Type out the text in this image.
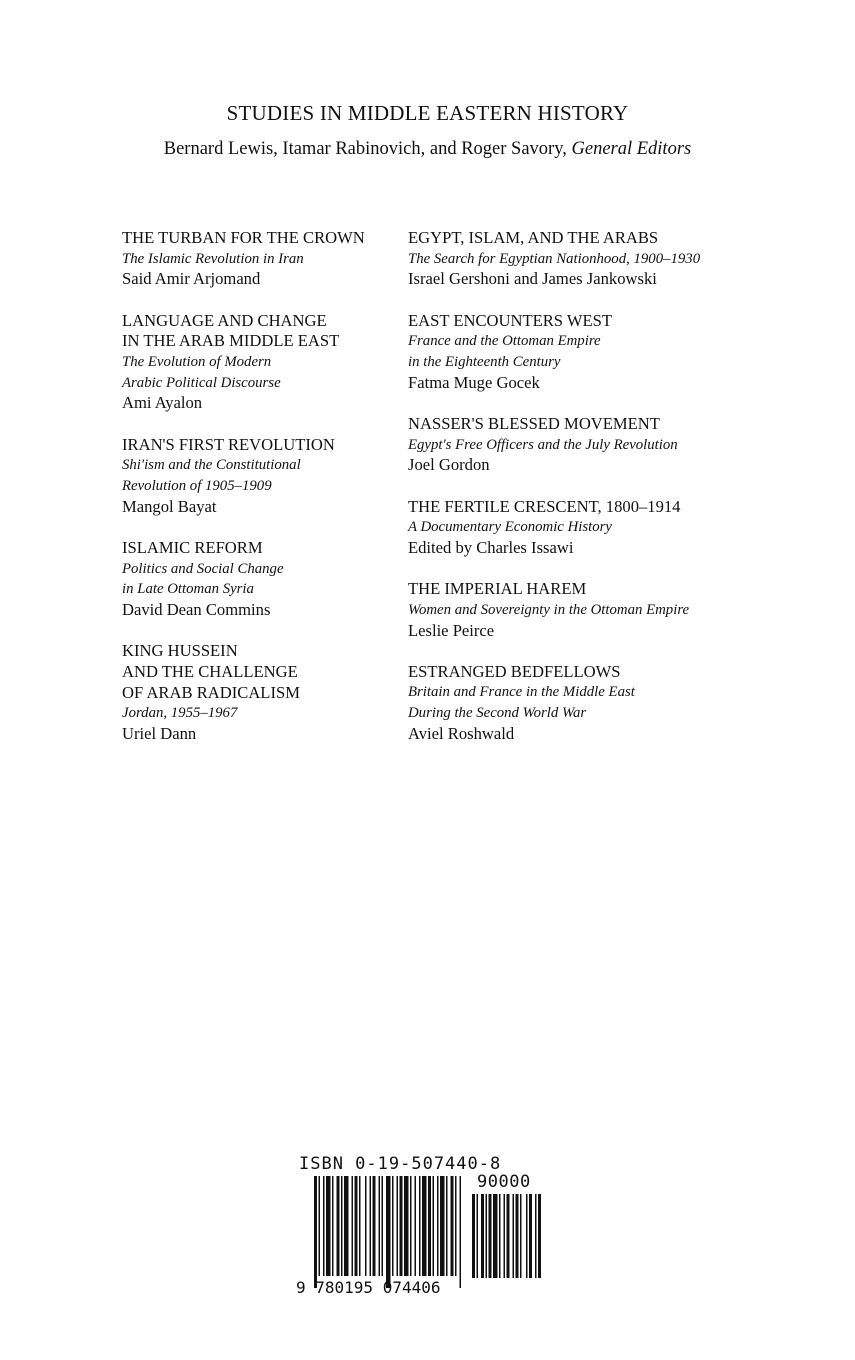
STUDIES IN MIDDLE EASTERN HISTORY
Bernard Lewis, Itamar Rabinovich, and Roger Savory, General Editors
THE TURBAN FOR THE CROWN
The Islamic Revolution in Iran
Said Amir Arjomand
LANGUAGE AND CHANGE
IN THE ARAB MIDDLE EAST
The Evolution of Modern
Arabic Political Discourse
Ami Ayalon
IRAN'S FIRST REVOLUTION
Shi'ism and the Constitutional
Revolution of 1905–1909
Mangol Bayat
ISLAMIC REFORM
Politics and Social Change
in Late Ottoman Syria
David Dean Commins
KING HUSSEIN
AND THE CHALLENGE
OF ARAB RADICALISM
Jordan, 1955–1967
Uriel Dann
EGYPT, ISLAM, AND THE ARABS
The Search for Egyptian Nationhood, 1900–1930
Israel Gershoni and James Jankowski
EAST ENCOUNTERS WEST
France and the Ottoman Empire
in the Eighteenth Century
Fatma Muge Gocek
NASSER'S BLESSED MOVEMENT
Egypt's Free Officers and the July Revolution
Joel Gordon
THE FERTILE CRESCENT, 1800–1914
A Documentary Economic History
Edited by Charles Issawi
THE IMPERIAL HAREM
Women and Sovereignty in the Ottoman Empire
Leslie Peirce
ESTRANGED BEDFELLOWS
Britain and France in the Middle East
During the Second World War
Aviel Roshwald
ISBN 0-19-507440-8
90000
9 780195 074406
